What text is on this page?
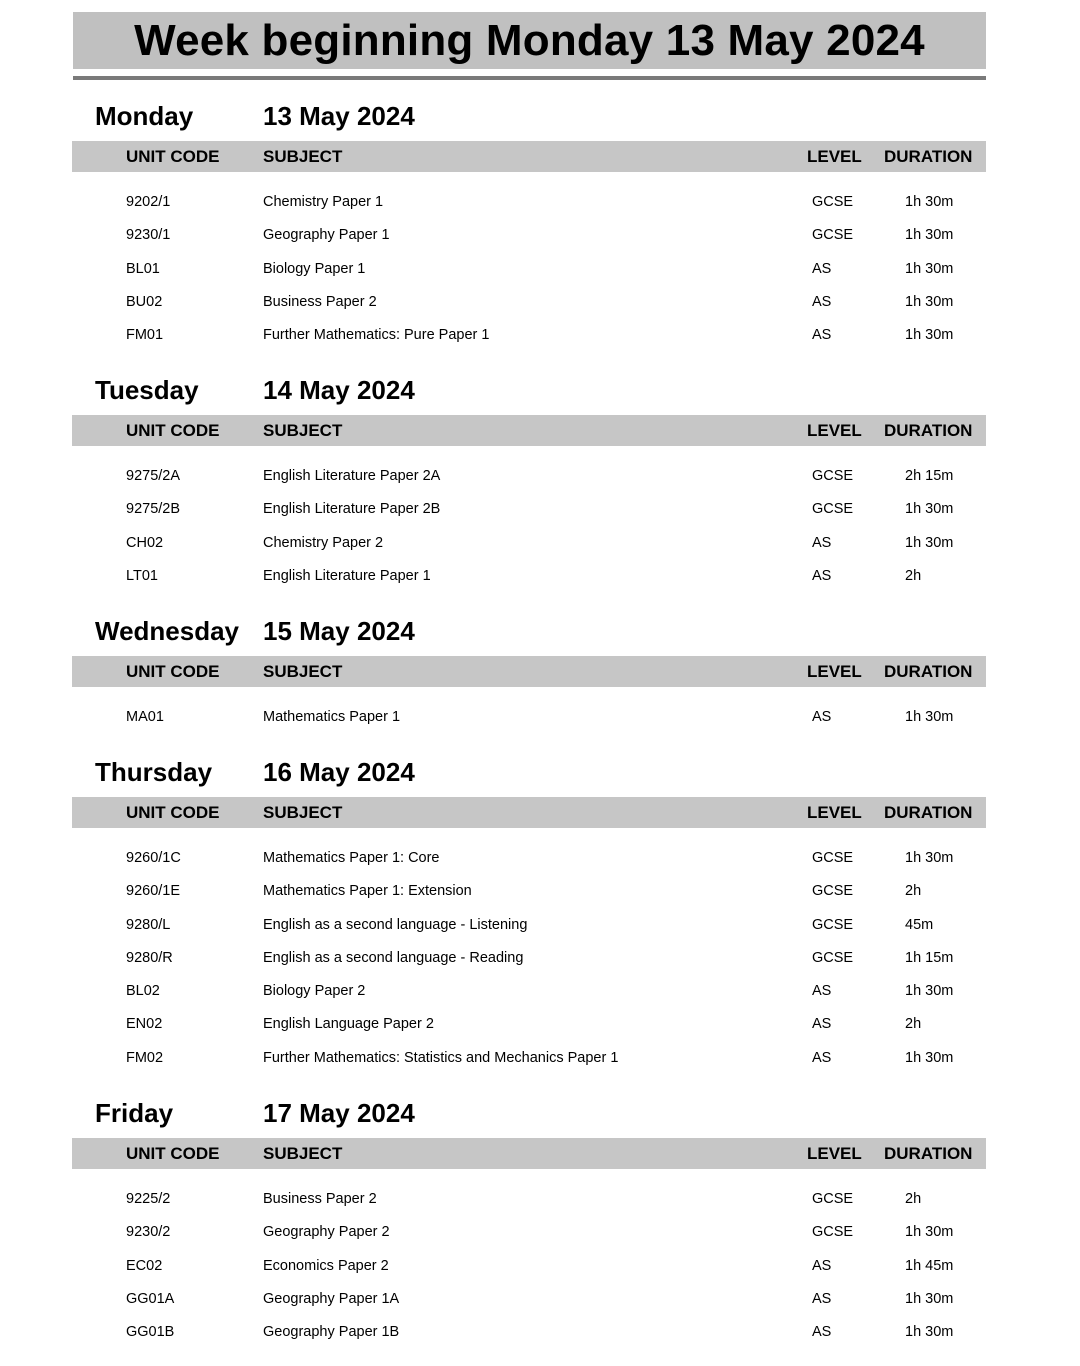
Week beginning Monday 13 May 2024
Monday	13 May 2024
UNIT CODE	SUBJECT	LEVEL DURATION
9202/1	Chemistry Paper 1	GCSE	1h 30m
9230/1	Geography Paper 1	GCSE	1h 30m
BL01	Biology Paper 1	AS	1h 30m
BU02	Business Paper 2	AS	1h 30m
FM01	Further Mathematics: Pure Paper 1	AS	1h 30m
Tuesday 14 May 2024
UNIT CODE	SUBJECT	LEVEL DURATION
9275/2A	English Literature Paper 2A	GCSE	2h 15m
9275/2B	English Literature Paper 2B	GCSE	1h 30m
CH02	Chemistry Paper 2	AS	1h 30m
LT01	English Literature Paper 1	AS	2h
Wednesday 15 May 2024
UNIT CODE	SUBJECT	LEVEL DURATION
MA01	Mathematics Paper 1	AS	1h 30m
Thursday 16 May 2024
UNIT CODE	SUBJECT	LEVEL DURATION
9260/1C	Mathematics Paper 1: Core	GCSE	1h 30m
9260/1E	Mathematics Paper 1: Extension	GCSE	2h
9280/L	English as a second language - Listening	GCSE	45m
9280/R	English as a second language - Reading	GCSE	1h 15m
BL02	Biology Paper 2	AS	1h 30m
EN02	English Language Paper 2	AS	2h
FM02	Further Mathematics: Statistics and Mechanics Paper 1	AS	1h 30m
Friday	17 May 2024
UNIT CODE	SUBJECT	LEVEL DURATION
9225/2	Business Paper 2	GCSE	2h
9230/2	Geography Paper 2	GCSE	1h 30m
EC02	Economics Paper 2	AS	1h 45m
GG01A	Geography Paper 1A	AS	1h 30m
GG01B	Geography Paper 1B	AS	1h 30m
